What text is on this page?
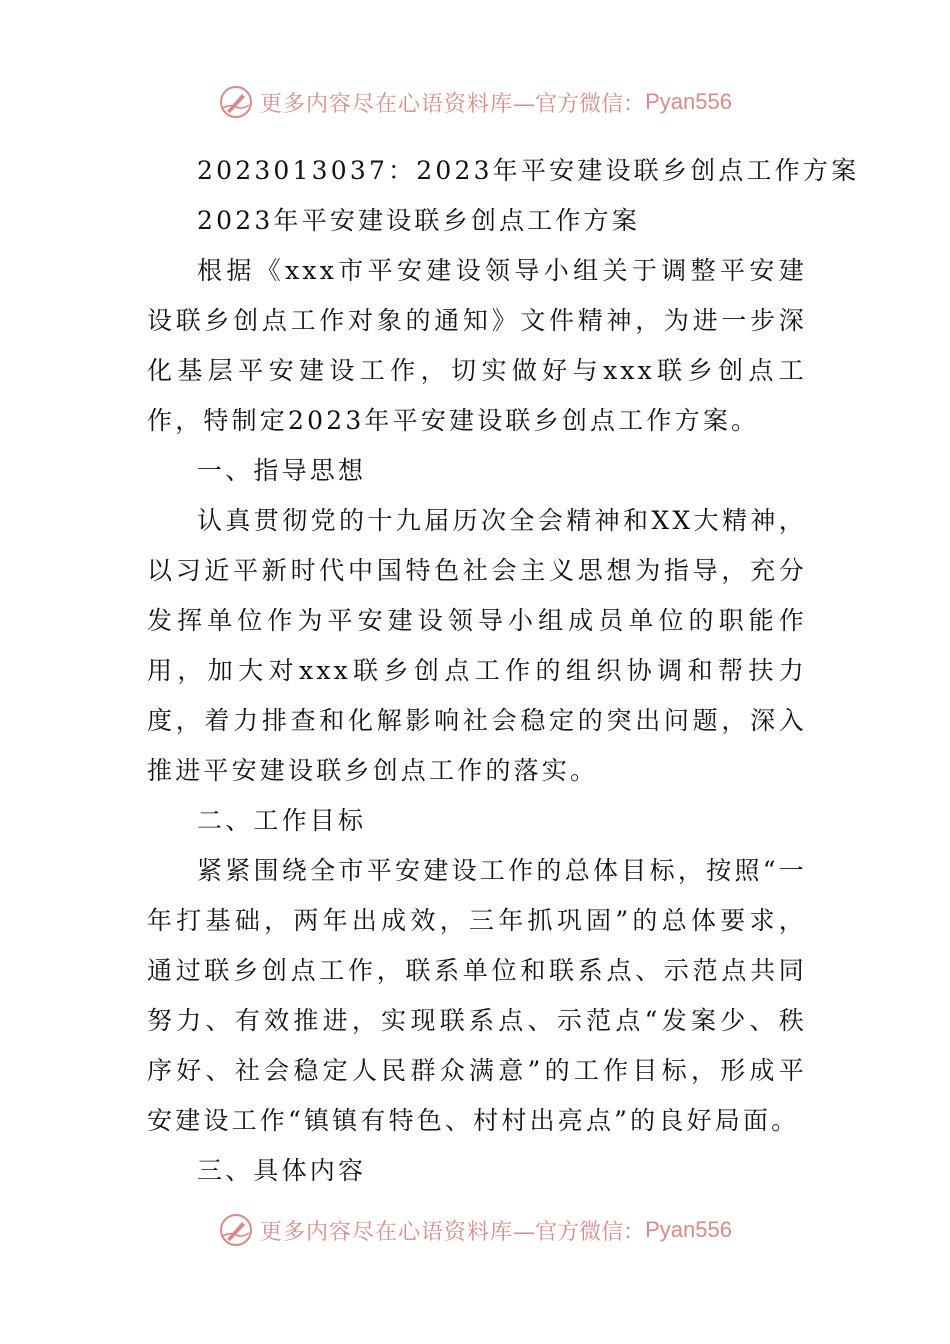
更多内容尽在心语资料库 —官方微信： Pyan556
2023013037：2023年平安建设联乡创点工作方案
2023年平安建设联乡创点工作方案
根据《xxx市平安建设领导小组关于调整平安建设联乡创点工作对象的通知》文件精神，为进一步深化基层平安建设工作，切实做好与xxx联乡创点工作，特制定2023年平安建设联乡创点工作方案。
一、指导思想
认真贯彻党的十九届历次全会精神和XX大精神，以习近平新时代中国特色社会主义思想为指导，充分发挥单位作为平安建设领导小组成员单位的职能作用，加大对xxx联乡创点工作的组织协调和帮扶力度，着力排查和化解影响社会稳定的突出问题，深入推进平安建设联乡创点工作的落实。
二、工作目标
紧紧围绕全市平安建设工作的总体目标，按照“一年打基础，两年出成效，三年抓巩固”的总体要求，通过联乡创点工作，联系单位和联系点、示范点共同努力、有效推进，实现联系点、示范点“发案少、秩序好、社会稳定人民群众满意”的工作目标，形成平安建设工作“镇镇有特色、村村出亮点”的良好局面。
三、具体内容
更多内容尽在心语资料库 —官方微信： Pyan556
